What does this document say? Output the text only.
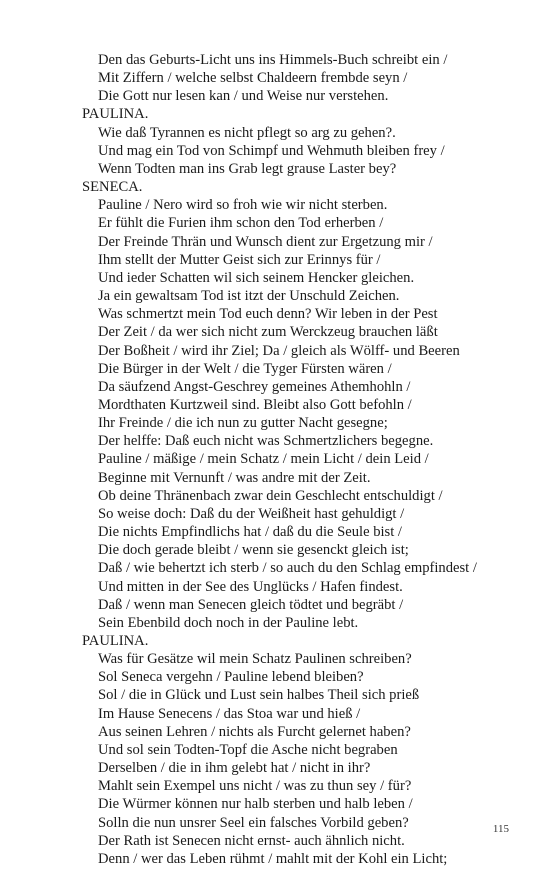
Den das Geburts-Licht uns ins Himmels-Buch schreibt ein /
Mit Ziffern / welche selbst Chaldeern frembde seyn /
Die Gott nur lesen kan / und Weise nur verstehen.
PAULINA.
Wie daß Tyrannen es nicht pflegt so arg zu gehen?.
Und mag ein Tod von Schimpf und Wehmuth bleiben frey /
Wenn Todten man ins Grab legt grause Laster bey?
SENECA.
Pauline / Nero wird so froh wie wir nicht sterben.
Er fühlt die Furien ihm schon den Tod erherben /
Der Freinde Thrän und Wunsch dient zur Ergetzung mir /
Ihm stellt der Mutter Geist sich zur Erinnys für /
Und ieder Schatten wil sich seinem Hencker gleichen.
Ja ein gewaltsam Tod ist itzt der Unschuld Zeichen.
Was schmertzt mein Tod euch denn? Wir leben in der Pest
Der Zeit / da wer sich nicht zum Werckzeug brauchen läßt
Der Boßheit / wird ihr Ziel; Da / gleich als Wölff- und Beeren
Die Bürger in der Welt / die Tyger Fürsten wären /
Da säufzend Angst-Geschrey gemeines Athemhohln /
Mordthaten Kurtzweil sind. Bleibt also Gott befohln /
Ihr Freinde / die ich nun zu gutter Nacht gesegne;
Der helffe: Daß euch nicht was Schmertzlichers begegne.
Pauline / mäßige / mein Schatz / mein Licht / dein Leid /
Beginne mit Vernunft / was andre mit der Zeit.
Ob deine Thränenbach zwar dein Geschlecht entschuldigt /
So weise doch: Daß du der Weißheit hast gehuldigt /
Die nichts Empfindlichs hat / daß du die Seule bist /
Die doch gerade bleibt / wenn sie gesenckt gleich ist;
Daß / wie behertzt ich sterb / so auch du den Schlag empfindest /
Und mitten in der See des Unglücks / Hafen findest.
Daß / wenn man Senecen gleich tödtet und begräbt /
Sein Ebenbild doch noch in der Pauline lebt.
PAULINA.
Was für Gesätze wil mein Schatz Paulinen schreiben?
Sol Seneca vergehn / Pauline lebend bleiben?
Sol / die in Glück und Lust sein halbes Theil sich prieß
Im Hause Senecens / das Stoa war und hieß /
Aus seinen Lehren / nichts als Furcht gelernet haben?
Und sol sein Todten-Topf die Asche nicht begraben
Derselben / die in ihm gelebt hat / nicht in ihr?
Mahlt sein Exempel uns nicht / was zu thun sey / für?
Die Würmer können nur halb sterben und halb leben /
Solln die nun unsrer Seel ein falsches Vorbild geben?
Der Rath ist Senecen nicht ernst- auch ähnlich nicht.
Denn / wer das Leben rühmt / mahlt mit der Kohl ein Licht;
115
